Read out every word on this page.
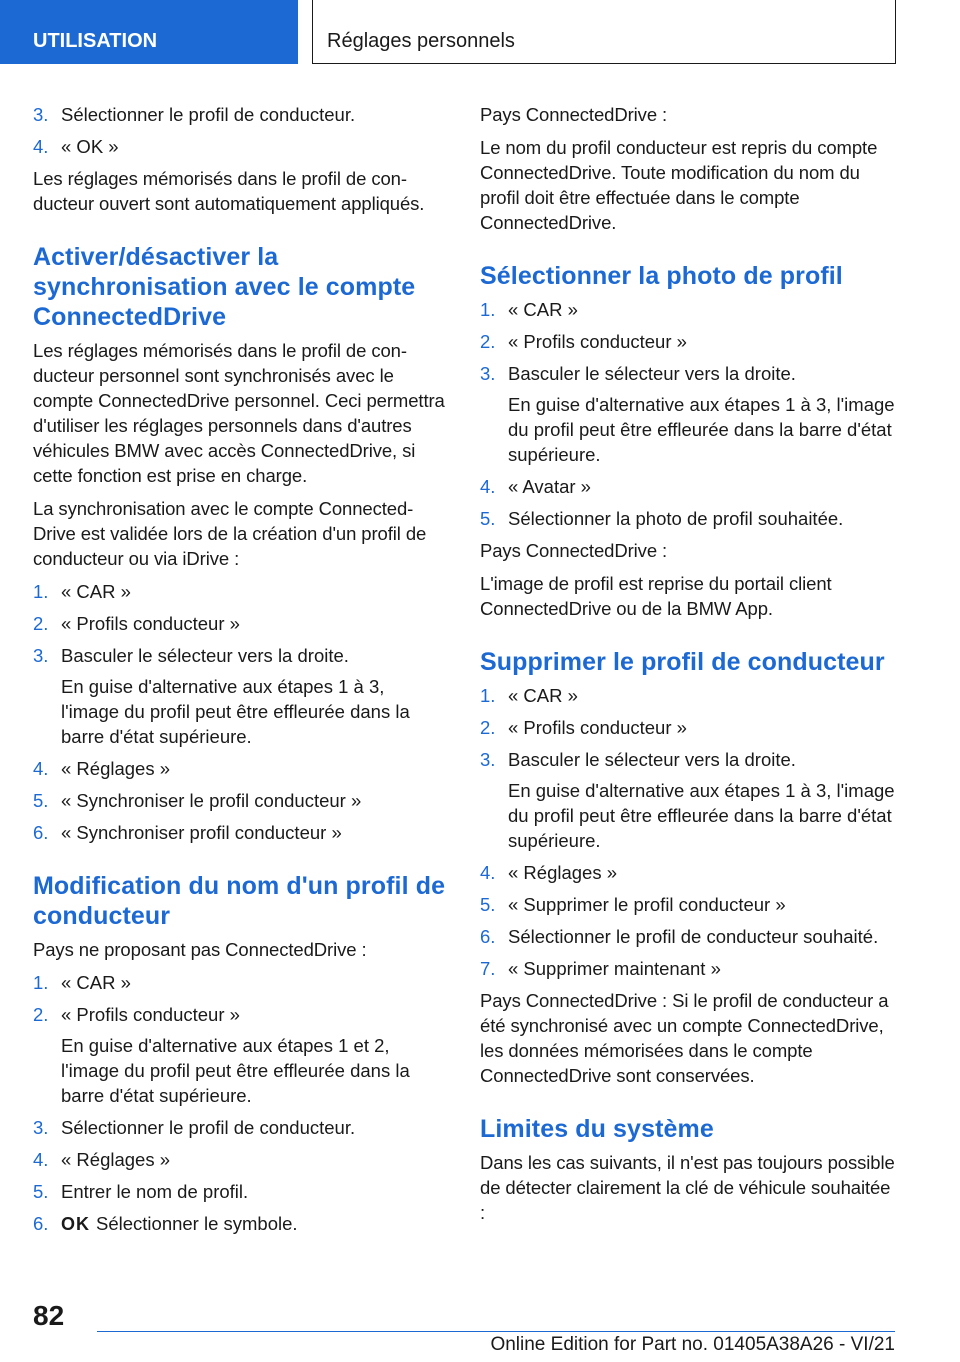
UTILISATION	Réglages personnels
3. Sélectionner le profil de conducteur.
4. « OK »

Les réglages mémorisés dans le profil de conducteur ouvert sont automatiquement appliqués.

Activer/désactiver la synchronisation avec le compte ConnectedDrive

Les réglages mémorisés dans le profil de conducteur personnel sont synchronisés avec le compte ConnectedDrive personnel. Ceci permettra d'utiliser les réglages personnels dans d'autres véhicules BMW avec accès ConnectedDrive, si cette fonction est prise en charge.

La synchronisation avec le compte ConnectedDrive est validée lors de la création d'un profil de conducteur ou via iDrive :

1. « CAR »
2. « Profils conducteur »
3. Basculer le sélecteur vers la droite.
En guise d'alternative aux étapes 1 à 3, l'image du profil peut être effleurée dans la barre d'état supérieure.
4. « Réglages »
5. « Synchroniser le profil conducteur »
6. « Synchroniser profil conducteur »
Modification du nom d'un profil de conducteur

Pays ne proposant pas ConnectedDrive :

1. « CAR »
2. « Profils conducteur »
En guise d'alternative aux étapes 1 et 2, l'image du profil peut être effleurée dans la barre d'état supérieure.
3. Sélectionner le profil de conducteur.
4. « Réglages »
5. Entrer le nom de profil.
6. OK Sélectionner le symbole.

Pays ConnectedDrive :

Le nom du profil conducteur est repris du compte ConnectedDrive. Toute modification du nom du profil doit être effectuée dans le compte ConnectedDrive.

Sélectionner la photo de profil
1. « CAR »
2. « Profils conducteur »
3. Basculer le sélecteur vers la droite.
En guise d'alternative aux étapes 1 à 3, l'image du profil peut être effleurée dans la barre d'état supérieure.
4. « Avatar »
5. Sélectionner la photo de profil souhaitée.

Pays ConnectedDrive :

L'image de profil est reprise du portail client ConnectedDrive ou de la BMW App.

Supprimer le profil de conducteur
1. « CAR »
2. « Profils conducteur »
3. Basculer le sélecteur vers la droite.
En guise d'alternative aux étapes 1 à 3, l'image du profil peut être effleurée dans la barre d'état supérieure.
4. « Réglages »
5. « Supprimer le profil conducteur »
6. Sélectionner le profil de conducteur souhaité.
7. « Supprimer maintenant »

Pays ConnectedDrive : Si le profil de conducteur a été synchronisé avec un compte ConnectedDrive, les données mémorisées dans le compte ConnectedDrive sont conservées.

Limites du système

Dans les cas suivants, il n'est pas toujours possible de détecter clairement la clé de véhicule souhaitée :

82
Online Edition for Part no. 01405A38A26 - VI/21
